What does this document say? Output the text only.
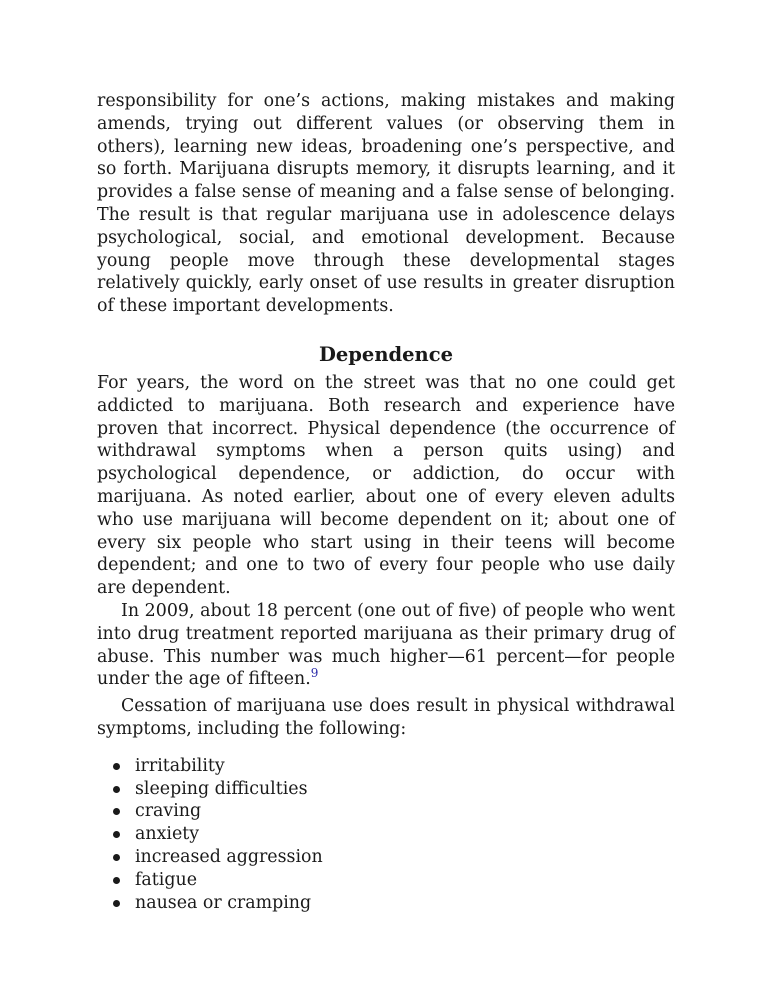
responsibility for one’s actions, making mistakes and making amends, trying out different values (or observing them in others), learning new ideas, broadening one’s perspective, and so forth. Marijuana disrupts memory, it disrupts learning, and it provides a false sense of meaning and a false sense of belonging. The result is that regular marijuana use in adolescence delays psychological, social, and emotional development. Because young people move through these developmental stages relatively quickly, early onset of use results in greater disruption of these important developments.

Dependence

For years, the word on the street was that no one could get addicted to marijuana. Both research and experience have proven that incorrect. Physical dependence (the occurrence of withdrawal symptoms when a person quits using) and psychological dependence, or addiction, do occur with marijuana. As noted earlier, about one of every eleven adults who use marijuana will become dependent on it; about one of every six people who start using in their teens will become dependent; and one to two of every four people who use daily are dependent.

In 2009, about 18 percent (one out of five) of people who went into drug treatment reported marijuana as their primary drug of abuse. This number was much higher—61 percent—for people under the age of fifteen.$^9$

Cessation of marijuana use does result in physical withdrawal symptoms, including the following:

irritability
sleeping difficulties
craving
anxiety
increased aggression
fatigue
nausea or cramping
